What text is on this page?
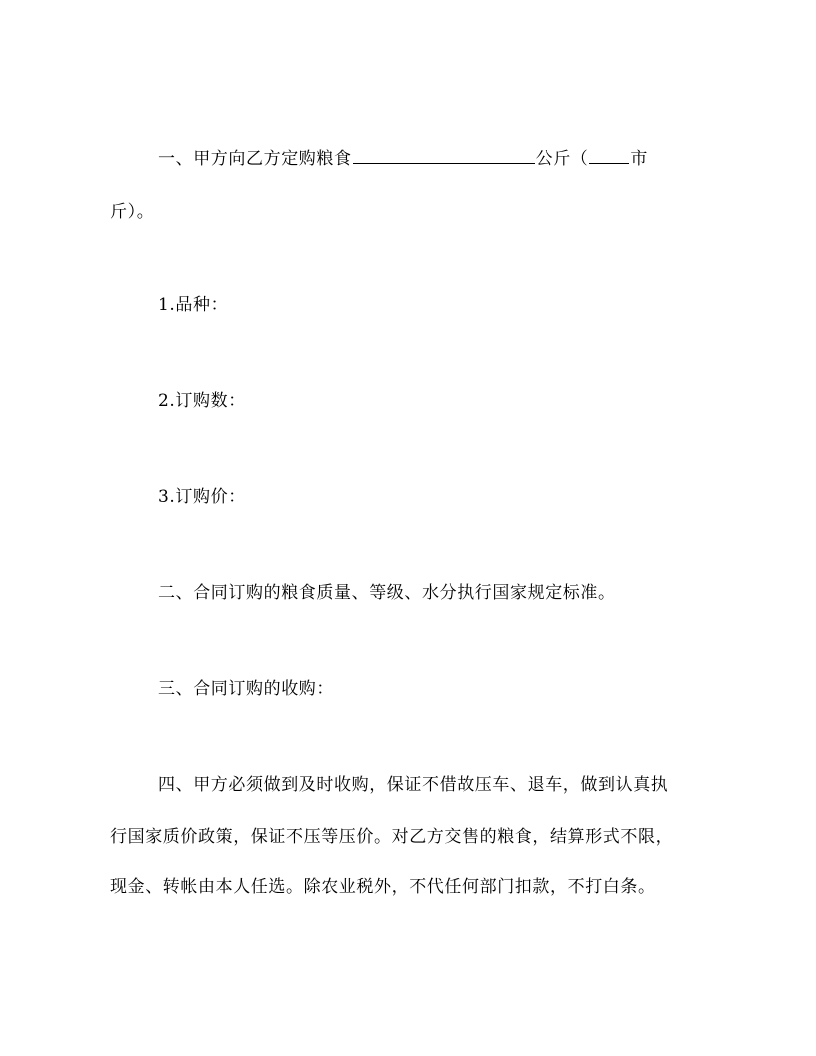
一、甲方向乙方定购粮食	公斤（ 市
斤）。
1.品种：
2.订购数：
3.订购价：
二、合同订购的粮食质量、等级、水分执行国家规定标准。
三、合同订购的收购：
四、甲方必须做到及时收购，保证不借故压车、退车，做到认真执
行国家质价政策，保证不压等压价。对乙方交售的粮食，结算形式不限，
现金、转帐由本人任选。除农业税外，不代任何部门扣款，不打白条。
